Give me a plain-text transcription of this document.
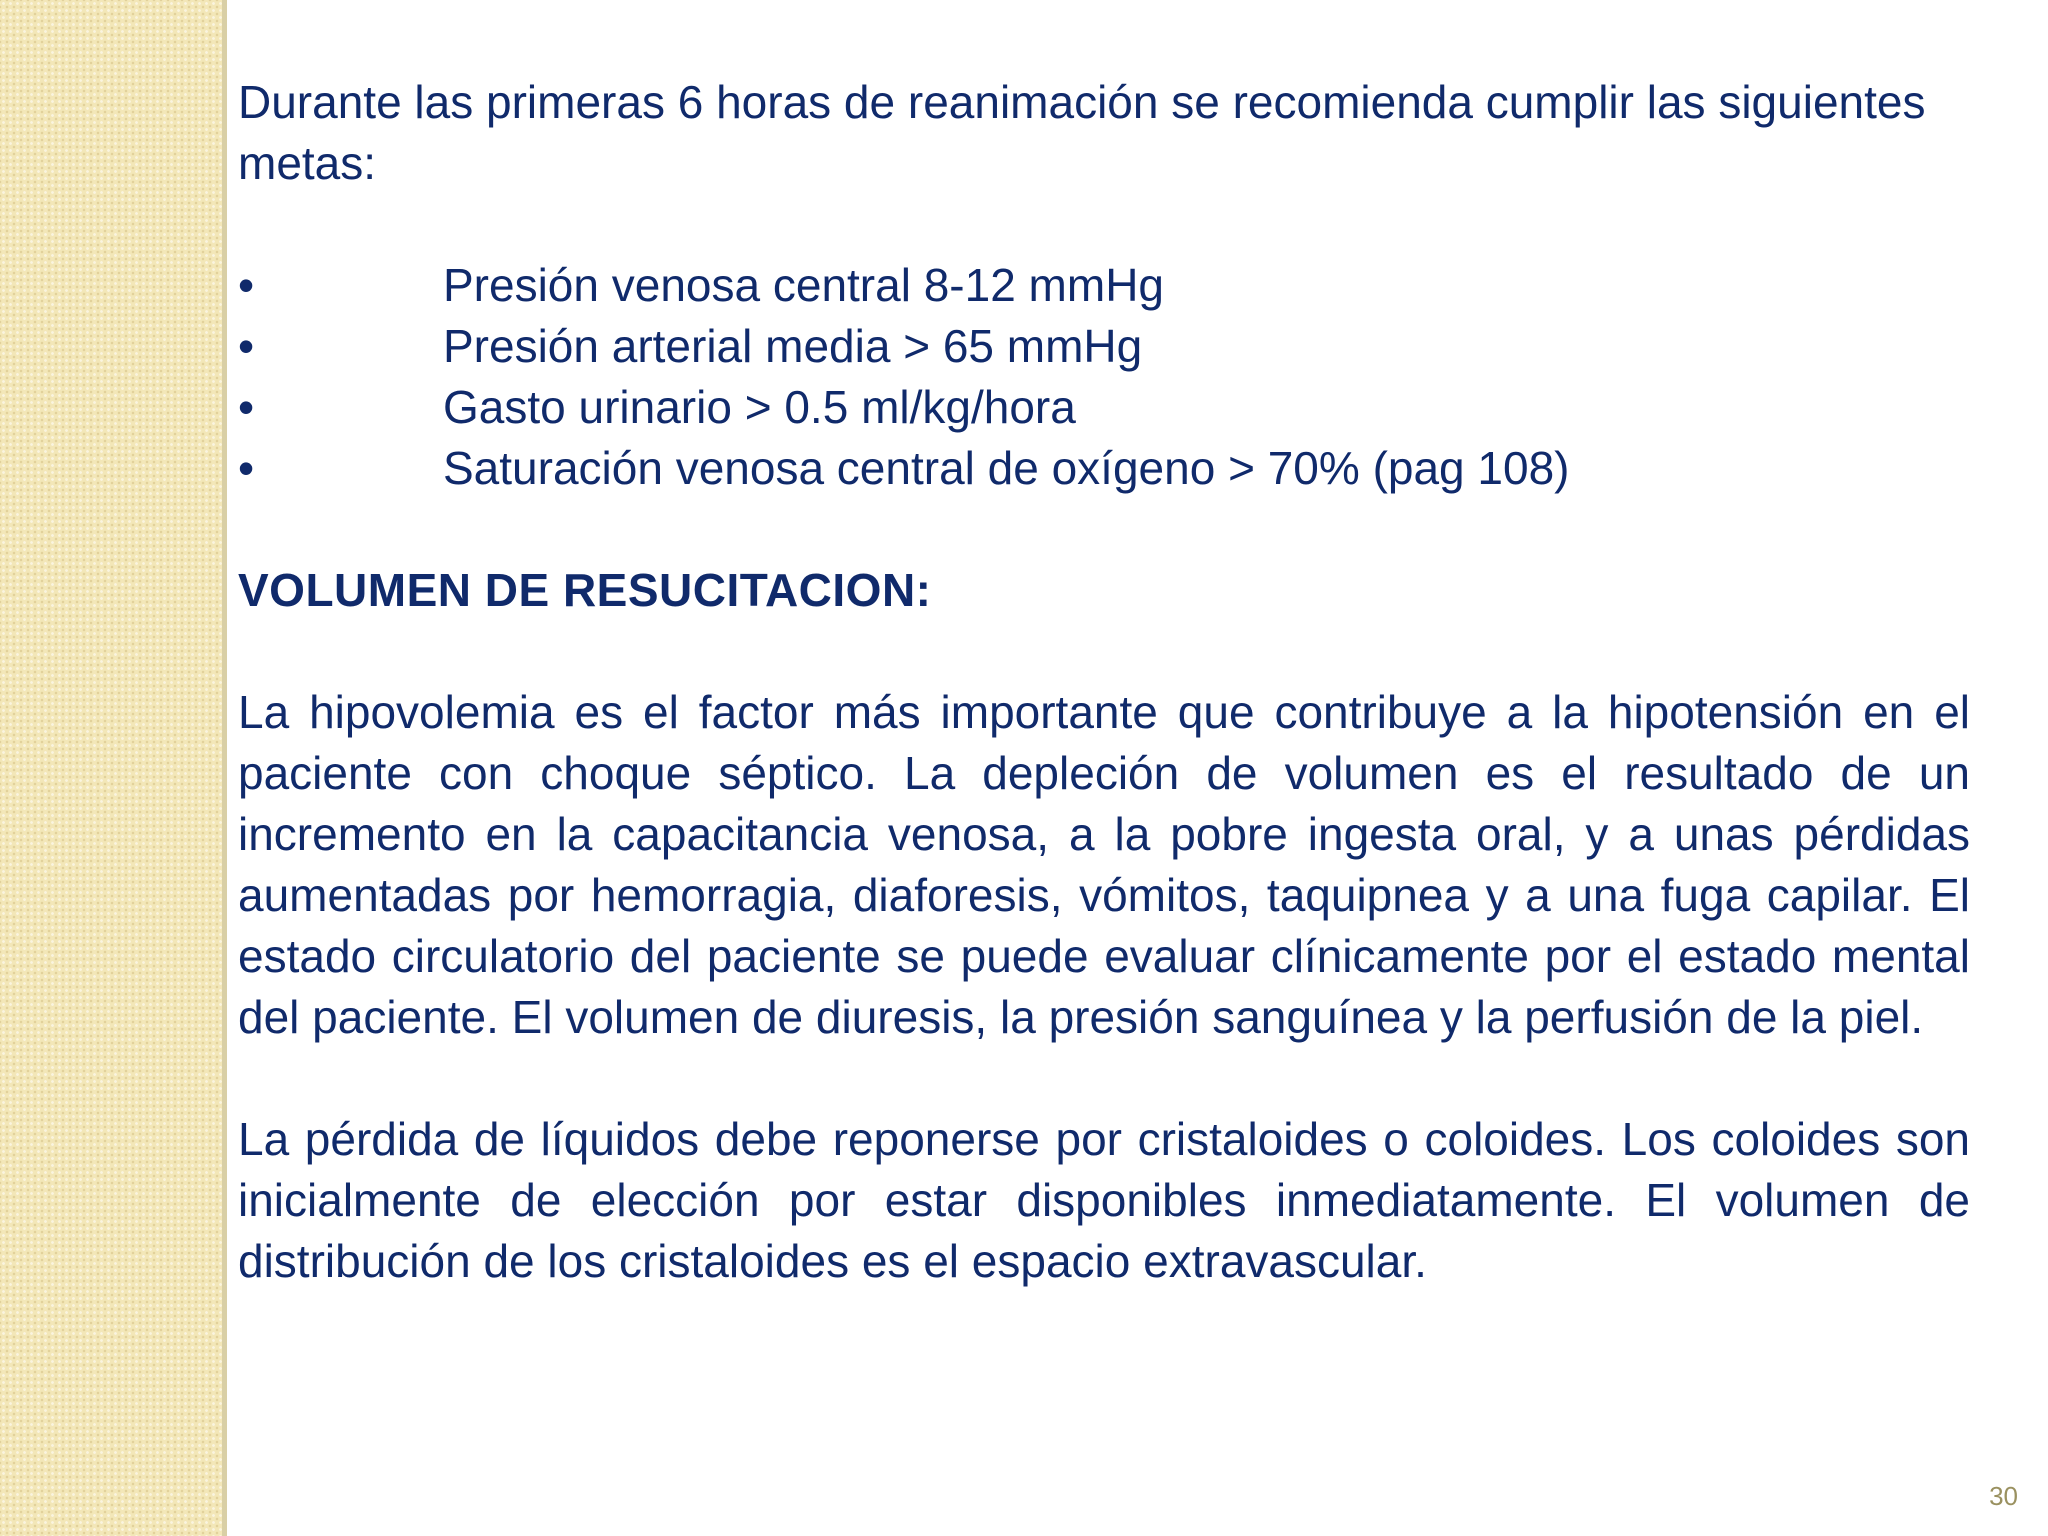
Durante las primeras 6 horas de reanimación se recomienda cumplir las siguientes metas:

•	Presión venosa central 8-12 mmHg
•	Presión arterial media > 65 mmHg
•	Gasto urinario > 0.5 ml/kg/hora
•	Saturación venosa central de oxígeno > 70% (pag 108)
VOLUMEN DE RESUCITACION:

La hipovolemia es el factor más importante que contribuye a la hipotensión en el paciente con choque séptico. La depleción de volumen es el resultado de un incremento en la capacitancia venosa, a la pobre ingesta oral, y a unas pérdidas aumentadas por hemorragia, diaforesis, vómitos, taquipnea y a una fuga capilar. El estado circulatorio del paciente se puede evaluar clínicamente por el estado mental del paciente. El volumen de diuresis, la presión sanguínea y la perfusión de la piel.

La pérdida de líquidos debe reponerse por cristaloides o coloides. Los coloides son inicialmente de elección por estar disponibles inmediatamente. El volumen de distribución de los cristaloides es el espacio extravascular.

30
